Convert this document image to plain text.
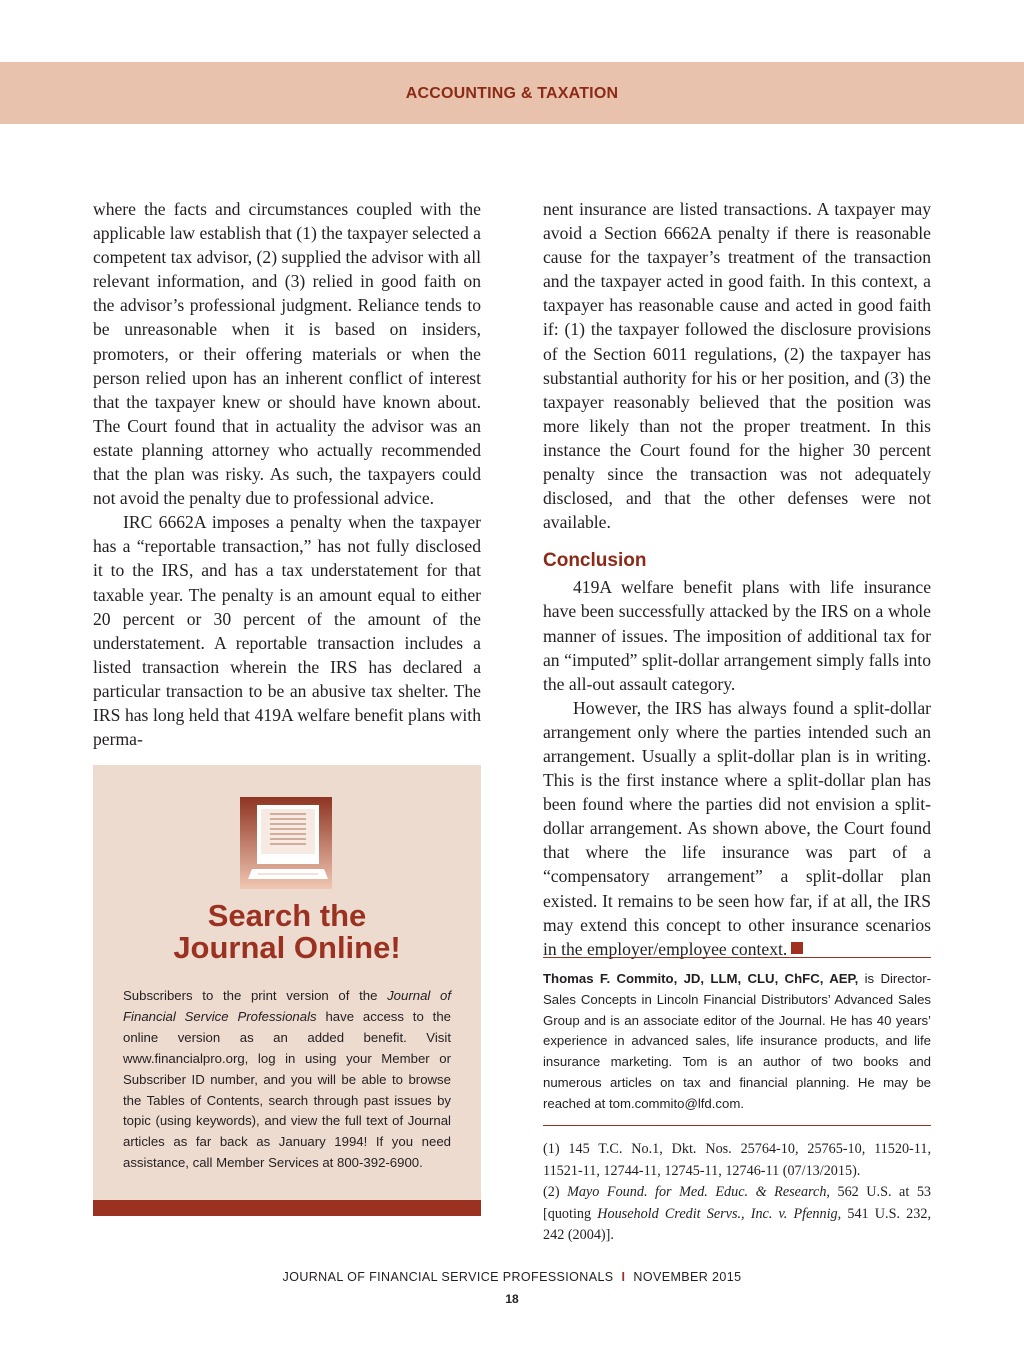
ACCOUNTING & TAXATION

where the facts and circumstances coupled with the applicable law establish that (1) the taxpayer selected a competent tax advisor, (2) supplied the advisor with all relevant information, and (3) relied in good faith on the advisor’s professional judgment. Reliance tends to be unreasonable when it is based on insiders, promoters, or their offering materials or when the person relied upon has an inherent conflict of interest that the taxpayer knew or should have known about. The Court found that in actuality the advisor was an estate planning attorney who actually recommended that the plan was risky. As such, the taxpayers could not avoid the penalty due to professional advice.

IRC 6662A imposes a penalty when the taxpayer has a “reportable transaction,” has not fully disclosed it to the IRS, and has a tax understatement for that taxable year. The penalty is an amount equal to either 20 percent or 30 percent of the amount of the understatement. A reportable transaction includes a listed transaction wherein the IRS has declared a particular transaction to be an abusive tax shelter. The IRS has long held that 419A welfare benefit plans with perma-

Search the
Journal Online!
Subscribers to the print version of the Journal of Financial Service Professionals have access to the online version as an added benefit. Visit www.financialpro.org, log in using your Member or Subscriber ID number, and you will be able to browse the Tables of Contents, search through past issues by topic (using keywords), and view the full text of Journal articles as far back as January 1994! If you need assistance, call Member Services at 800-392-6900.

nent insurance are listed transactions. A taxpayer may avoid a Section 6662A penalty if there is reasonable cause for the taxpayer’s treatment of the transaction and the taxpayer acted in good faith. In this context, a taxpayer has reasonable cause and acted in good faith if: (1) the taxpayer followed the disclosure provisions of the Section 6011 regulations, (2) the taxpayer has substantial authority for his or her position, and (3) the taxpayer reasonably believed that the position was more likely than not the proper treatment. In this instance the Court found for the higher 30 percent penalty since the transaction was not adequately disclosed, and that the other defenses were not available.

Conclusion

419A welfare benefit plans with life insurance have been successfully attacked by the IRS on a whole manner of issues. The imposition of additional tax for an “imputed” split-dollar arrangement simply falls into the all-out assault category.

However, the IRS has always found a split-dollar arrangement only where the parties intended such an arrangement. Usually a split-dollar plan is in writing. This is the first instance where a split-dollar plan has been found where the parties did not envision a split-dollar arrangement. As shown above, the Court found that where the life insurance was part of a “compensatory arrangement” a split-dollar plan existed. It remains to be seen how far, if at all, the IRS may extend this concept to other insurance scenarios in the employer/employee context.

Thomas F. Commito, JD, LLM, CLU, ChFC, AEP, is Director-Sales Concepts in Lincoln Financial Distributors’ Advanced Sales Group and is an associate editor of the Journal. He has 40 years’ experience in advanced sales, life insurance products, and life insurance marketing. Tom is an author of two books and numerous articles on tax and financial planning. He may be reached at tom.commito@lfd.com.

(1) 145 T.C. No.1, Dkt. Nos. 25764-10, 25765-10, 11520-11, 11521-11, 12744-11, 12745-11, 12746-11 (07/13/2015).

(2) Mayo Found. for Med. Educ. & Research, 562 U.S. at 53 [quoting Household Credit Servs., Inc. v. Pfennig, 541 U.S. 232, 242 (2004)].

JOURNAL OF FINANCIAL SERVICE PROFESSIONALS I NOVEMBER 2015
18
